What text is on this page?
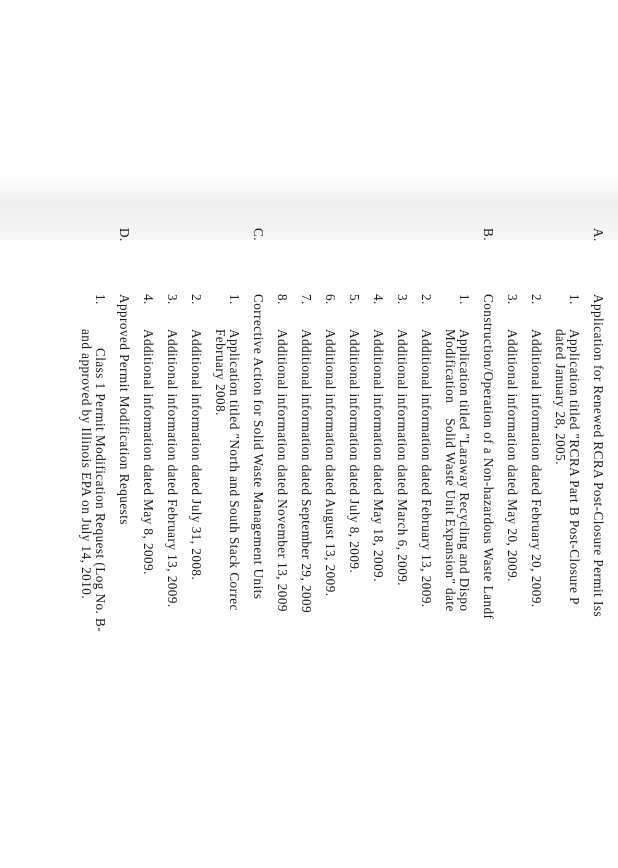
A.
Application for Renewed RCRA Post-Closure Permit Iss
1.
Application titled "RCRA Part B Post-Closure P
dated January 28, 2005.
2.
Additional information dated February 20, 2009.
3.
Additional information dated May 20, 2009.
B.
Construction/Operation of a Non-hazardous Waste Landf
1.
Application titled "Laraway Recycling and Dispo
Modification    Solid Waste Unit Expansion" date
2.
Additional information dated February 13, 2009.
3.
Additional information dated March 6, 2009.
4.
Additional information dated May 18, 2009.
5.
Additional information dated July 8, 2009.
6.
Additional information dated August 13, 2009.
7.
Additional information dated September 29, 2009
8.
Additional information dated November 13, 2009
C.
Corrective Action for Solid Waste Management Units
1.
Application titled "North and South Stack Correc
February 2008.
2.
Additional information dated July 31, 2008.
3.
Additional information dated February 13, 2009.
4.
Additional information dated May 8, 2009.
D.
Approved Permit Modification Requests
1.
Class 1 Permit Modification Request (Log No. B-
and approved by Illinois EPA on July 14, 2010.
